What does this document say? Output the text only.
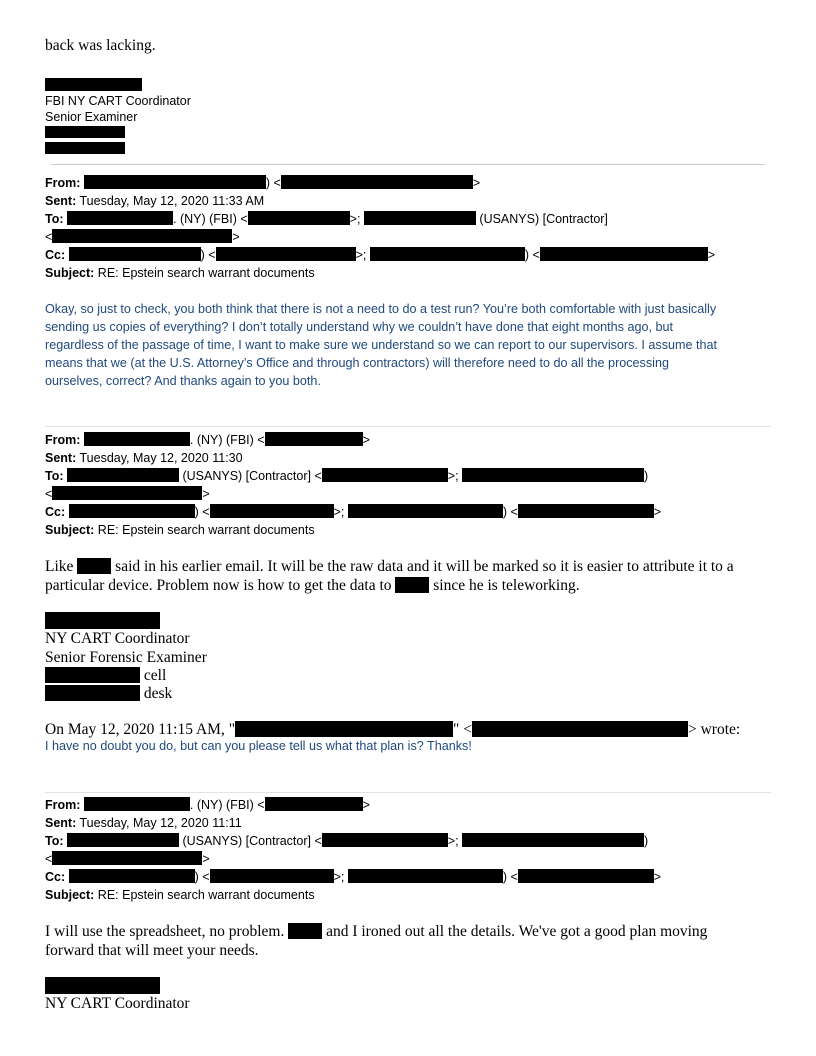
back was lacking.
FBI NY CART Coordinator
Senior Examiner
From:	) <	>
Sent: Tuesday, May 12, 2020 11:33 AM
To:	. (NY) (FBI) <	>;	(USANYS) [Contractor]
<	>
Cc:	) <	>;	) <	>
Subject: RE: Epstein search warrant documents
Okay, so just to check, you both think that there is not a need to do a test run? You’re both comfortable with just basically
sending us copies of everything? I don’t totally understand why we couldn’t have done that eight months ago, but
regardless of the passage of time, I want to make sure we understand so we can report to our supervisors. I assume that
means that we (at the U.S. Attorney’s Office and through contractors) will therefore need to do all the processing
ourselves, correct? And thanks again to you both.
From:	. (NY) (FBI) <	>
Sent: Tuesday, May 12, 2020 11:30
To:	(USANYS) [Contractor] <	>;	)
<	>
Cc:	) <	>;	) <	>
Subject: RE: Epstein search warrant documents
Like	said in his earlier email. It will be the raw data and it will be marked so it is easier to attribute it to a
particular device. Problem now is how to get the data to	since he is teleworking.
NY CART Coordinator
Senior Forensic Examiner
cell
desk
On May 12, 2020 11:15 AM, "	" <	> wrote:
I have no doubt you do, but can you please tell us what that plan is? Thanks!
From:	. (NY) (FBI) <	>
Sent: Tuesday, May 12, 2020 11:11
To:	(USANYS) [Contractor] <	>;	)
<	>
Cc:	) <	>;	) <	>
Subject: RE: Epstein search warrant documents
I will use the spreadsheet, no problem.	and I ironed out all the details. We've got a good plan moving
forward that will meet your needs.
NY CART Coordinator
